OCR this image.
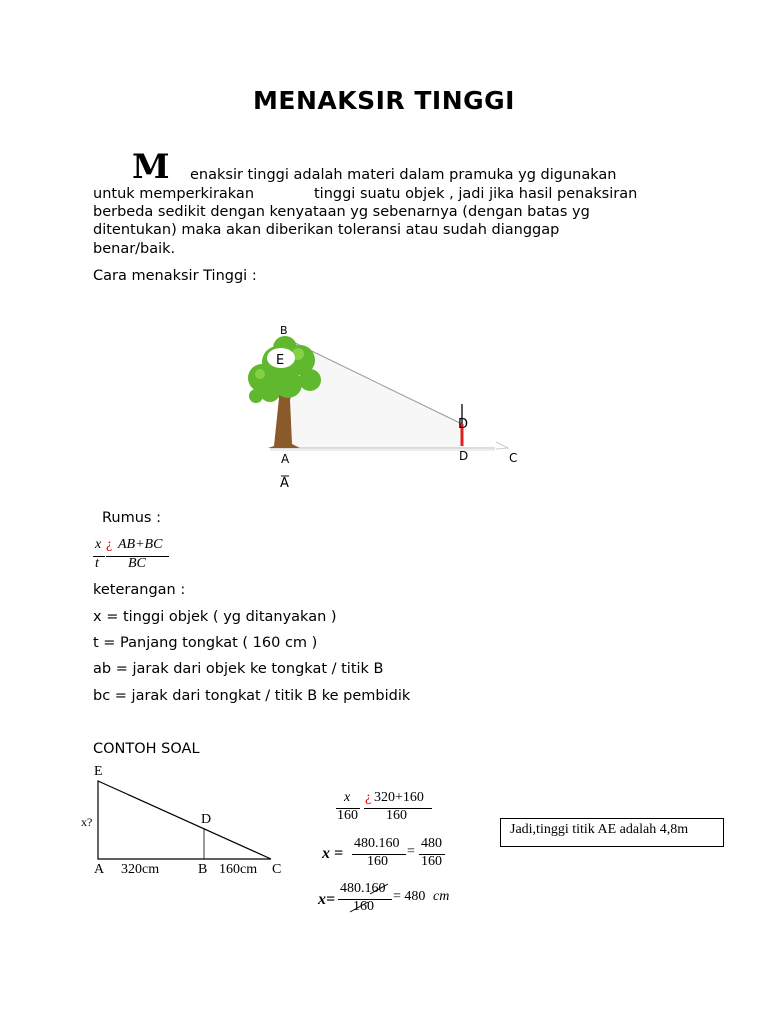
MENAKSIR TINGGI
M enaksir tinggi adalah materi dalam pramuka yg digunakan
untuk memperkirakan	tinggi suatu objek , jadi jika hasil penaksiran
berbeda sedikit dengan kenyataan yg sebenarnya (dengan batas yg
ditentukan) maka akan diberikan toleransi atau sudah dianggap
benar/baik.
Cara menaksir Tinggi :
B
E
D
A	D	C
A
Rumus :
x
t
¿ AB+BC
BC
keterangan :
x = tinggi objek ( yg ditanyakan )
t = Panjang tongkat ( 160 cm )
ab = jarak dari objek ke tongkat / titik B
bc = jarak dari tongkat / titik B ke pembidik
CONTOH SOAL
E
x?	D
A 320cm	B 160cm C
x
160
¿ 320+160
160
x =
480.160
160
=
480
160
x=
480.160
160
= 480 cm
Jadi,tinggi titik AE adalah 4,8m
